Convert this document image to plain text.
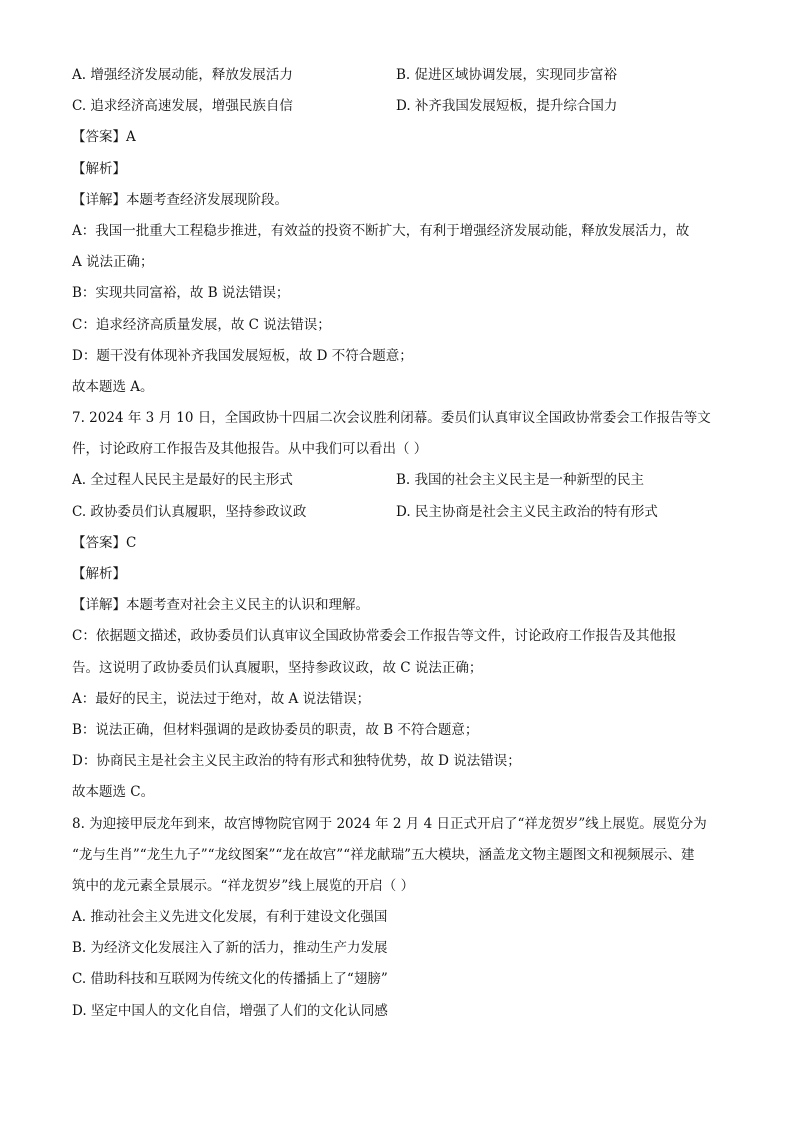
A. 增强经济发展动能，释放发展活力	B. 促进区域协调发展，实现同步富裕
C. 追求经济高速发展，增强民族自信	D. 补齐我国发展短板，提升综合国力
【答案】A
【解析】
【详解】本题考查经济发展现阶段。
A：我国一批重大工程稳步推进，有效益的投资不断扩大，有利于增强经济发展动能，释放发展活力，故
A 说法正确；
B：实现共同富裕，故 B 说法错误；
C：追求经济高质量发展，故 C 说法错误；
D：题干没有体现补齐我国发展短板，故 D 不符合题意；
故本题选 A。
7. 2024 年 3 月 10 日，全国政协十四届二次会议胜利闭幕。委员们认真审议全国政协常委会工作报告等文
件，讨论政府工作报告及其他报告。从中我们可以看出（ ）
A. 全过程人民民主是最好的民主形式	B. 我国的社会主义民主是一种新型的民主
C. 政协委员们认真履职，坚持参政议政	D. 民主协商是社会主义民主政治的特有形式
【答案】C
【解析】
【详解】本题考查对社会主义民主的认识和理解。
C：依据题文描述，政协委员们认真审议全国政协常委会工作报告等文件，讨论政府工作报告及其他报
告。这说明了政协委员们认真履职，坚持参政议政，故 C 说法正确；
A：最好的民主，说法过于绝对，故 A 说法错误；
B：说法正确，但材料强调的是政协委员的职责，故 B 不符合题意；
D：协商民主是社会主义民主政治的特有形式和独特优势，故 D 说法错误；
故本题选 C。
8. 为迎接甲辰龙年到来，故宫博物院官网于 2024 年 2 月 4 日正式开启了“祥龙贺岁”线上展览。展览分为
“龙与生肖”“龙生九子”“龙纹图案”“龙在故宫”“祥龙献瑞”五大模块，涵盖龙文物主题图文和视频展示、建
筑中的龙元素全景展示。“祥龙贺岁”线上展览的开启（ ）
A. 推动社会主义先进文化发展，有利于建设文化强国
B. 为经济文化发展注入了新的活力，推动生产力发展
C. 借助科技和互联网为传统文化的传播插上了“翅膀”
D. 坚定中国人的文化自信，增强了人们的文化认同感
